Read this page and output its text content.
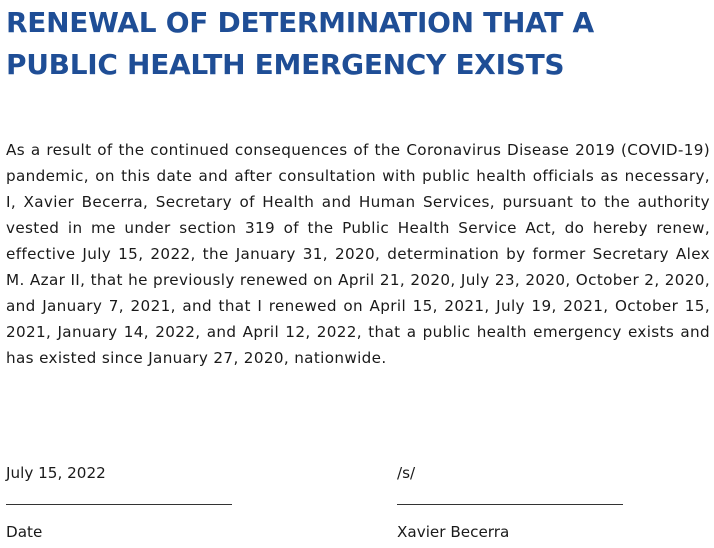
RENEWAL OF DETERMINATION THAT A PUBLIC HEALTH EMERGENCY EXISTS

As a result of the continued consequences of the Coronavirus Disease 2019 (COVID-19) pandemic, on this date and after consultation with public health officials as necessary, I, Xavier Becerra, Secretary of Health and Human Services, pursuant to the authority vested in me under section 319 of the Public Health Service Act, do hereby renew, effective July 15, 2022, the January 31, 2020, determination by former Secretary Alex M. Azar II, that he previously renewed on April 21, 2020, July 23, 2020, October 2, 2020, and January 7, 2021, and that I renewed on April 15, 2021, July 19, 2021, October 15, 2021, January 14, 2022, and April 12, 2022, that a public health emergency exists and has existed since January 27, 2020, nationwide.

July 15, 2022
Date
/s/
Xavier Becerra
